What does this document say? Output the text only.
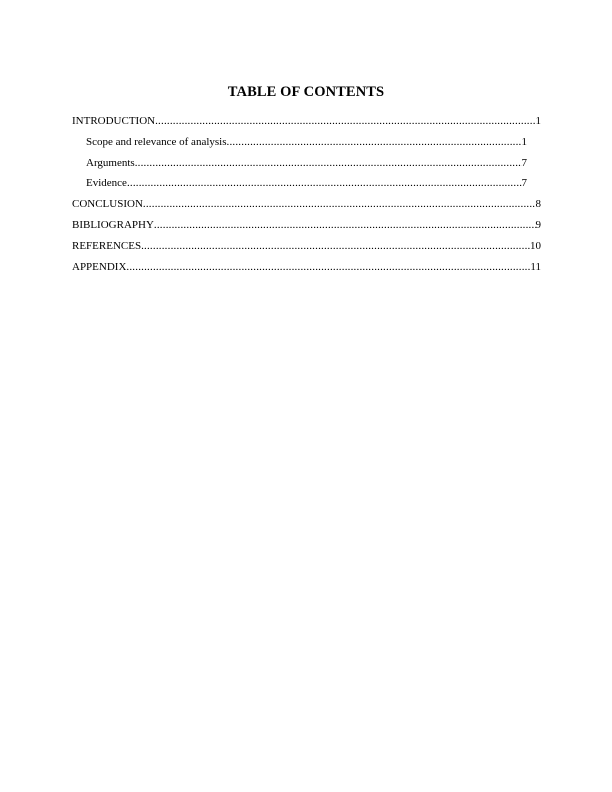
TABLE OF CONTENTS
INTRODUCTION .....	1
Scope and relevance of analysis .....	1
Arguments .....	7
Evidence .....	7
CONCLUSION .....	8
BIBLIOGRAPHY .....	9
REFERENCES .....	10
APPENDIX .....	11
